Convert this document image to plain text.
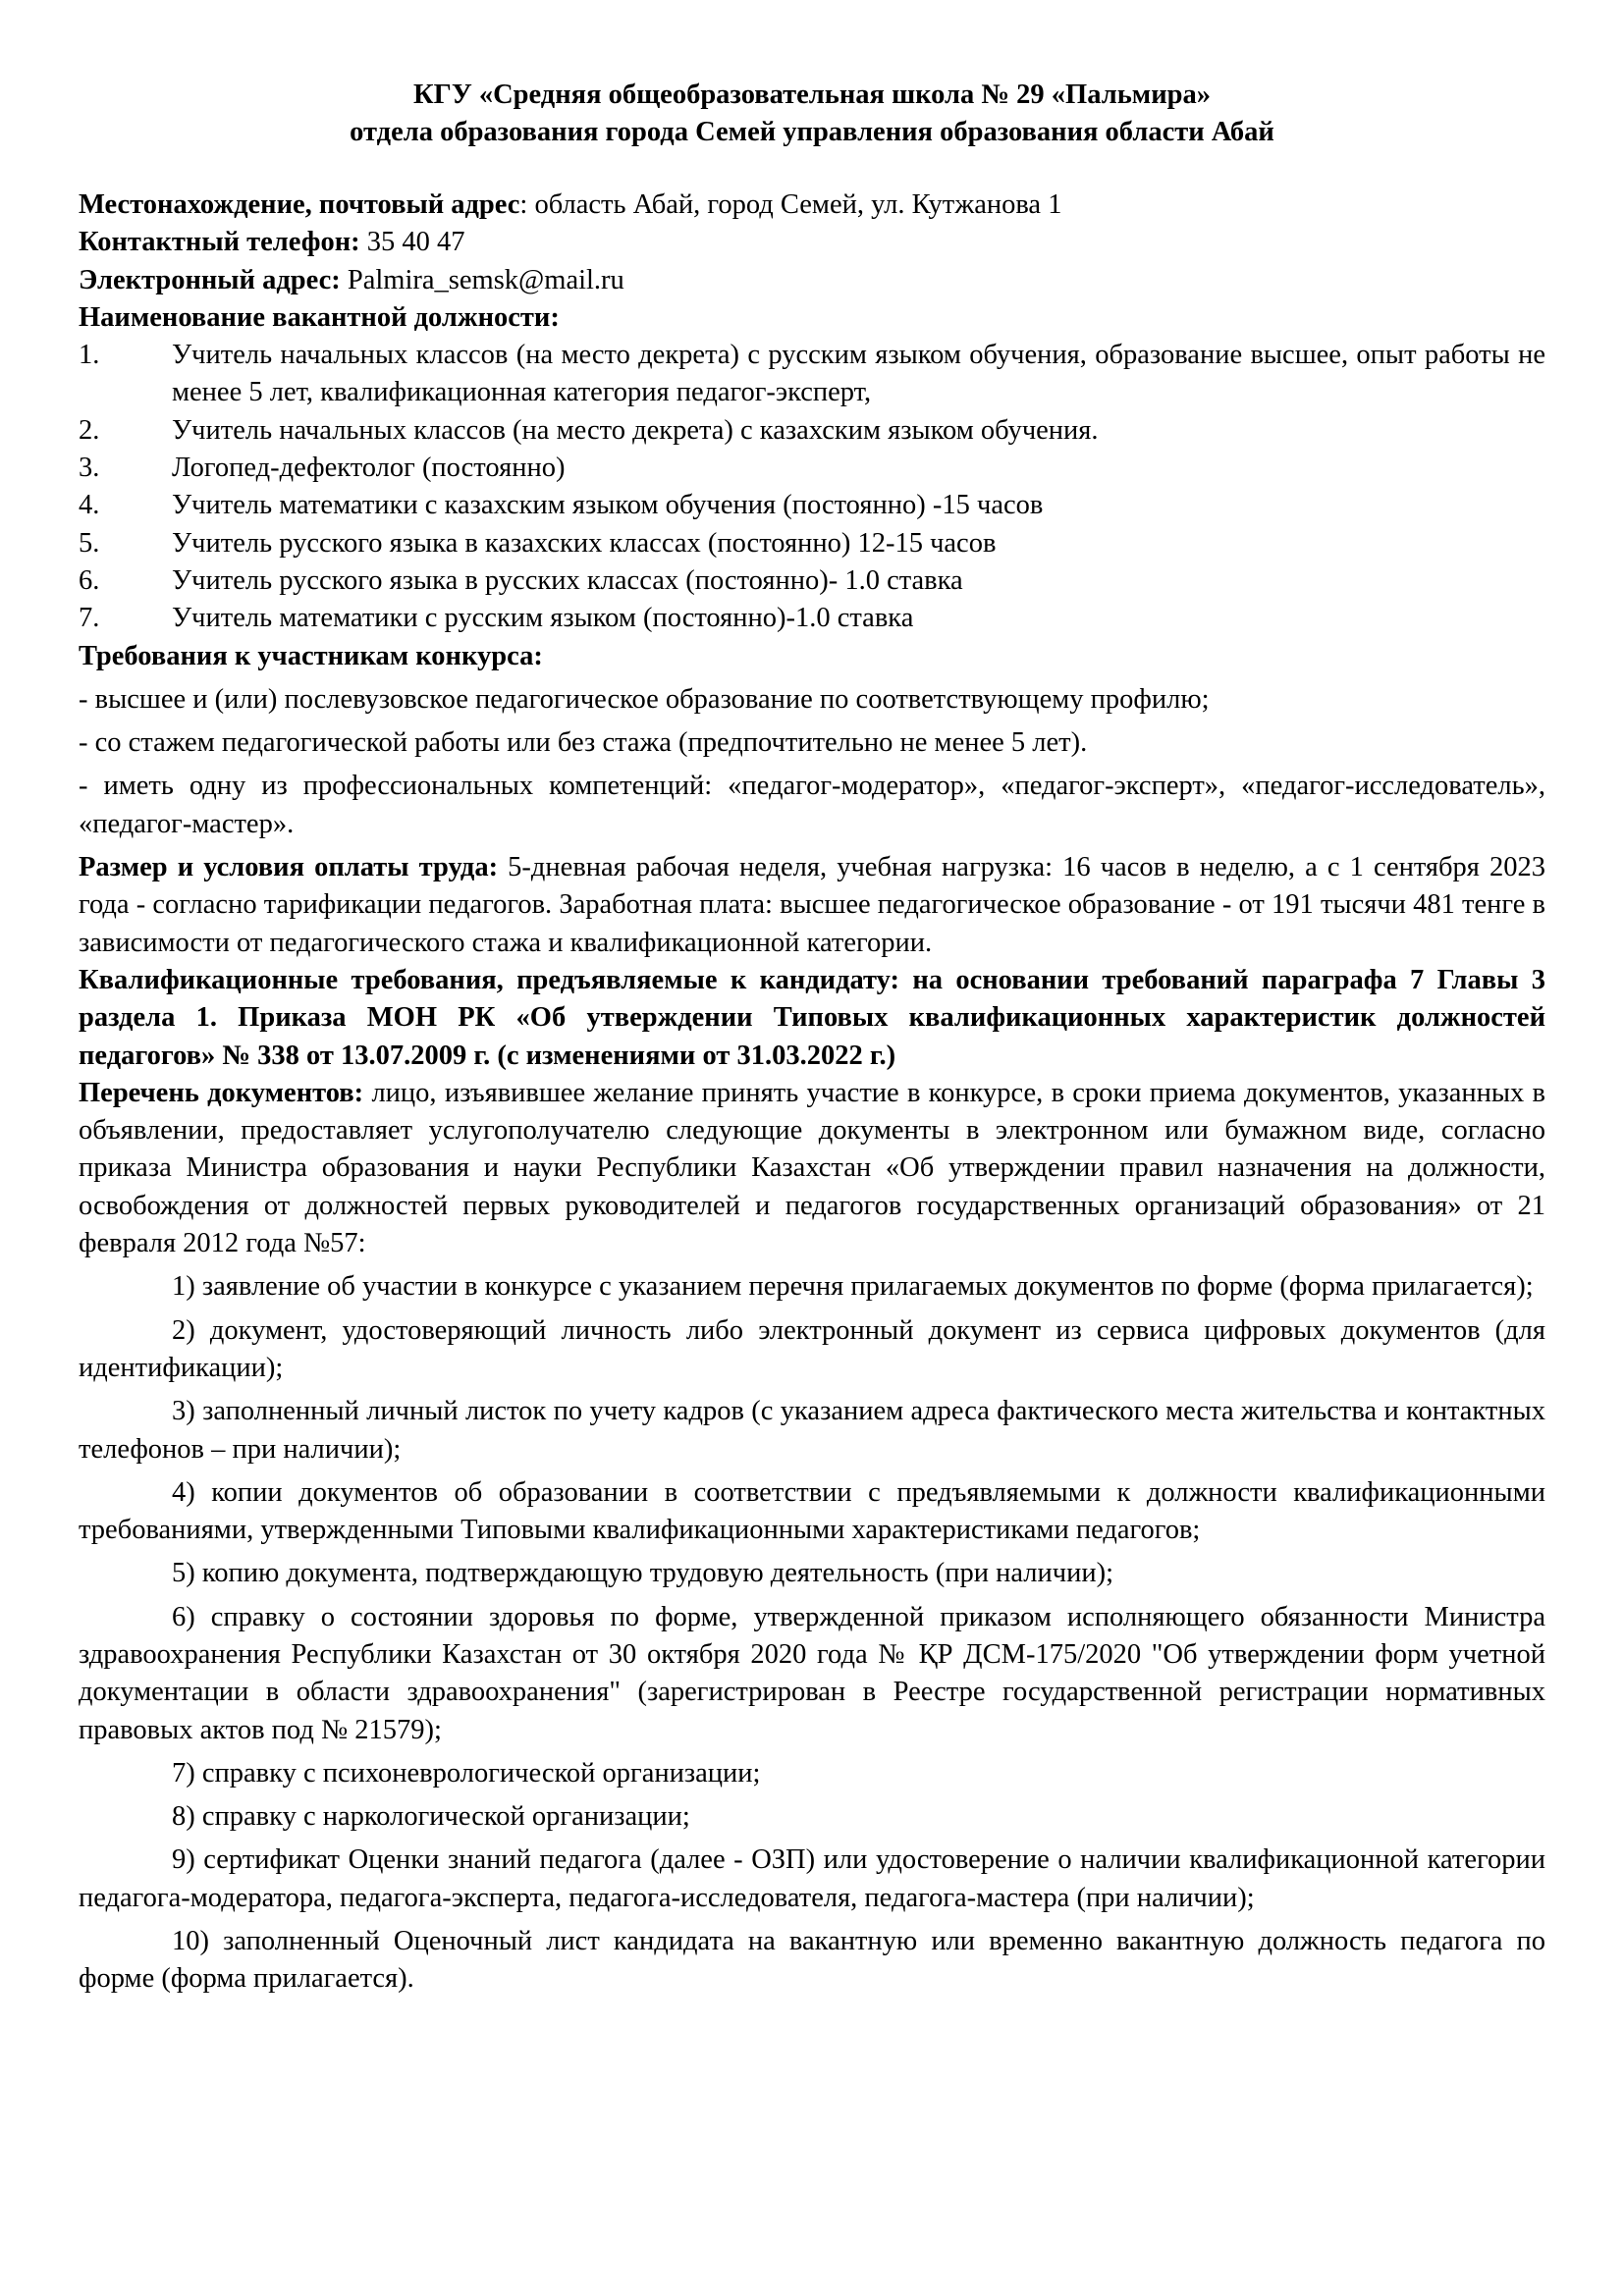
КГУ «Средняя общеобразовательная школа № 29 «Пальмира»
отдела образования города Семей управления образования области Абай

Местонахождение, почтовый адрес: область Абай, город Семей, ул. Кутжанова 1

Контактный телефон: 35 40 47

Электронный адрес: Palmira_semsk@mail.ru

Наименование вакантной должности:

1.	Учитель начальных классов (на место декрета) с русским языком обучения, образование высшее, опыт работы не менее 5 лет, квалификационная категория педагог-эксперт,
2.	Учитель начальных классов (на место декрета) с казахским языком обучения.
3.	Логопед-дефектолог (постоянно)
4.	Учитель математики с казахским языком обучения (постоянно) -15 часов
5.	Учитель русского языка в казахских классах (постоянно) 12-15 часов
6.	Учитель русского языка в русских классах (постоянно)- 1.0 ставка
7.	Учитель математики с русским языком (постоянно)-1.0 ставка

Требования к участникам конкурса:

- высшее и (или) послевузовское педагогическое образование по соответствующему профилю;

- со стажем педагогической работы или без стажа (предпочтительно не менее 5 лет).

- иметь одну из профессиональных компетенций: «педагог-модератор», «педагог-эксперт», «педагог-исследователь», «педагог-мастер».

Размер и условия оплаты труда: 5-дневная рабочая неделя, учебная нагрузка: 16 часов в неделю, а с 1 сентября 2023 года - согласно тарификации педагогов. Заработная плата: высшее педагогическое образование - от 191 тысячи 481 тенге в зависимости от педагогического стажа и квалификационной категории.

Квалификационные требования, предъявляемые к кандидату: на основании требований параграфа 7 Главы 3 раздела 1. Приказа МОН РК «Об утверждении Типовых квалификационных характеристик должностей педагогов» № 338 от 13.07.2009 г. (с изменениями от 31.03.2022 г.)

Перечень документов: лицо, изъявившее желание принять участие в конкурсе, в сроки приема документов, указанных в объявлении, предоставляет услугополучателю следующие документы в электронном или бумажном виде, согласно приказа Министра образования и науки Республики Казахстан «Об утверждении правил назначения на должности, освобождения от должностей первых руководителей и педагогов государственных организаций образования» от 21 февраля 2012 года №57:

1) заявление об участии в конкурсе с указанием перечня прилагаемых документов по форме (форма прилагается);
2) документ, удостоверяющий личность либо электронный документ из сервиса цифровых документов (для идентификации);
3) заполненный личный листок по учету кадров (с указанием адреса фактического места жительства и контактных телефонов – при наличии);
4) копии документов об образовании в соответствии с предъявляемыми к должности квалификационными требованиями, утвержденными Типовыми квалификационными характеристиками педагогов;
5) копию документа, подтверждающую трудовую деятельность (при наличии);
6) справку о состоянии здоровья по форме, утвержденной приказом исполняющего обязанности Министра здравоохранения Республики Казахстан от 30 октября 2020 года № ҚР ДСМ-175/2020 "Об утверждении форм учетной документации в области здравоохранения" (зарегистрирован в Реестре государственной регистрации нормативных правовых актов под № 21579);
7) справку с психоневрологической организации;
8) справку с наркологической организации;
9) сертификат Оценки знаний педагога (далее - ОЗП) или удостоверение о наличии квалификационной категории педагога-модератора, педагога-эксперта, педагога-исследователя, педагога-мастера (при наличии);
10) заполненный Оценочный лист кандидата на вакантную или временно вакантную должность педагога по форме (форма прилагается).
